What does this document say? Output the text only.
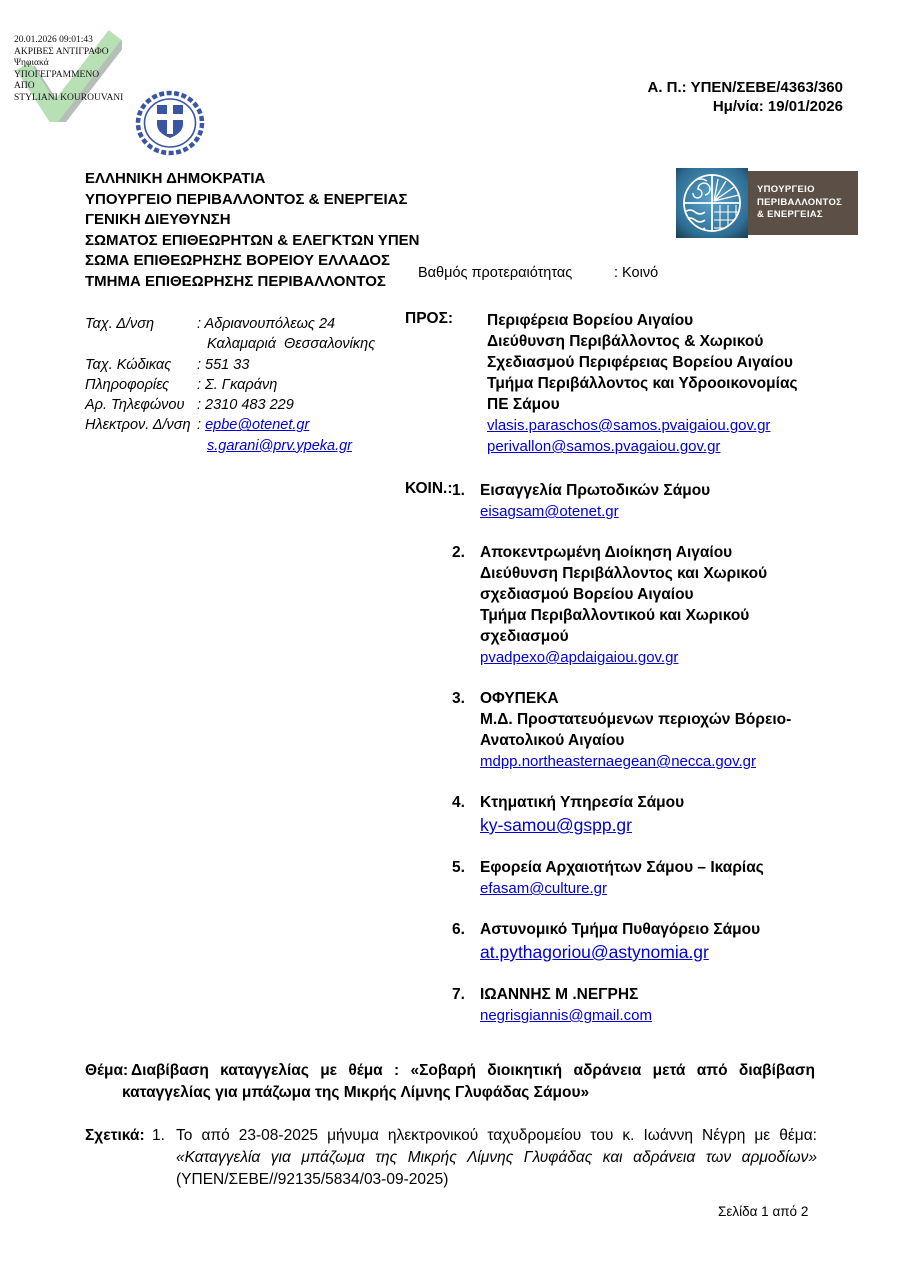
20.01.2026 09:01:43
ΑΚΡΙΒΕΣ ΑΝΤΙΓΡΑΦΟ
Ψηφιακά
ΥΠΟΓΕΓΡΑΜΜΕΝΟ
ΑΠΟ
STYLIANI KOUROUVANI
Α. Π.: ΥΠΕΝ/ΣΕΒΕ/4363/360
Ημ/νία: 19/01/2026
ΕΛΛΗΝΙΚΗ ΔΗΜΟΚΡΑΤΙΑ
ΥΠΟΥΡΓΕΙΟ ΠΕΡΙΒΑΛΛΟΝΤΟΣ & ΕΝΕΡΓΕΙΑΣ
ΓΕΝΙΚΗ ΔΙΕΥΘΥΝΣΗ
ΣΩΜΑΤΟΣ ΕΠΙΘΕΩΡΗΤΩΝ & ΕΛΕΓΚΤΩΝ ΥΠΕΝ
ΣΩΜΑ ΕΠΙΘΕΩΡΗΣΗΣ ΒΟΡΕΙΟΥ ΕΛΛΑΔΟΣ
ΤΜΗΜΑ ΕΠΙΘΕΩΡΗΣΗΣ ΠΕΡΙΒΑΛΛΟΝΤΟΣ
ΥΠΟΥΡΓΕΙΟ
ΠΕΡΙΒΑΛΛΟΝΤΟΣ
& ΕΝΕΡΓΕΙΑΣ
Βαθμός προτεραιότητας	: Κοινό
Ταχ. Δ/νση	: Αδριανουπόλεως 24
Καλαμαριά  Θεσσαλονίκης
Ταχ. Κώδικας	: 551 33
Πληροφορίες	: Σ. Γκαράνη
Αρ. Τηλεφώνου : 2310 483 229
Ηλεκτρον. Δ/νση : epbe@otenet.gr
s.garani@prv.ypeka.gr
ΠΡΟΣ: Περιφέρεια Βορείου Αιγαίου
Διεύθυνση Περιβάλλοντος & Χωρικού
Σχεδιασμού Περιφέρειας Βορείου Αιγαίου
Τμήμα Περιβάλλοντος και Υδροοικονομίας
ΠΕ Σάμου
vlasis.paraschos@samos.pvaigaiou.gov.gr
perivallon@samos.pvagaiou.gov.gr
ΚΟΙΝ.: 1. Εισαγγελία Πρωτοδικών Σάμου
eisagsam@otenet.gr
2. Αποκεντρωμένη Διοίκηση Αιγαίου
Διεύθυνση Περιβάλλοντος και Χωρικού
σχεδιασμού Βορείου Αιγαίου
Τμήμα Περιβαλλοντικού και Χωρικού
σχεδιασμού
pvadpexo@apdaigaiou.gov.gr
3. ΟΦΥΠΕΚΑ
Μ.Δ. Προστατευόμενων περιοχών Βόρειο-
Ανατολικού Αιγαίου
mdpp.northeasternaegean@necca.gov.gr
4. Κτηματική Υπηρεσία Σάμου
ky-samou@gspp.gr
5. Εφορεία Αρχαιοτήτων Σάμου – Ικαρίας
efasam@culture.gr
6. Αστυνομικό Τμήμα Πυθαγόρειο Σάμου
at.pythagoriou@astynomia.gr
7. ΙΩΑΝΝΗΣ Μ .ΝΕΓΡΗΣ
negrisgiannis@gmail.com
Θέμα: Διαβίβαση καταγγελίας με θέμα : «Σοβαρή διοικητική αδράνεια μετά από διαβίβαση
καταγγελίας για μπάζωμα της Μικρής Λίμνης Γλυφάδας Σάμου»
Σχετικά: 1. Το από 23-08-2025 μήνυμα ηλεκτρονικού ταχυδρομείου του κ. Ιωάννη Νέγρη με θέμα:
«Καταγγελία για μπάζωμα της Μικρής Λίμνης Γλυφάδας και αδράνεια των αρμοδίων»
(ΥΠΕΝ/ΣΕΒΕ//92135/5834/03-09-2025)
Σελίδα 1 από 2
